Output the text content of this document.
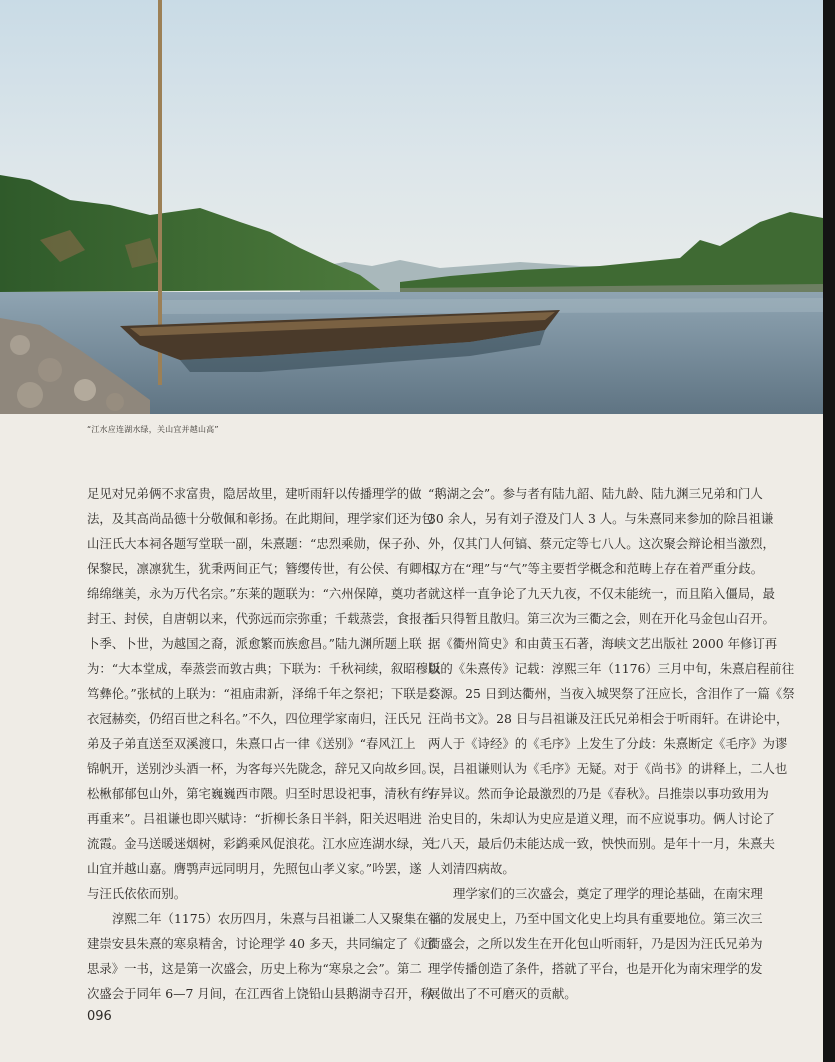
“江水应连湖水绿，关山宜并越山高”
足见对兄弟俩不求富贵，隐居故里，建听雨轩以传播理学的做
法，及其高尚品德十分敬佩和彰扬。在此期间，理学家们还为包
山汪氏大本祠各题写堂联一副，朱熹题：“忠烈乘勋，保子孙、
保黎民，凛凛犹生，犹秉两间正气；簪缨传世，有公侯、有卿相，
绵绵继美，永为万代名宗。”东莱的题联为：“六州保障，奠功者
封王、封侯，自唐朝以来，代弥远而宗弥重；千载蒸尝，食报者
卜季、卜世，为越国之裔，派愈繁而族愈昌。”陆九渊所题上联
为：“大本堂成，奉蒸尝而敦古典；下联为：千秋祠续，叙昭穆以
笃彝伦。”张栻的上联为：“祖庙肃新，泽绵千年之祭祀；下联是：
衣冠赫奕，仍绍百世之科名。”不久，四位理学家南归，汪氏兄
弟及子弟直送至双溪渡口，朱熹口占一律《送别》“春风江上
锦帆开，送别沙头酒一杯，为客每兴先陇念，辞兄又向故乡回。
松楸郁郁包山外，第宅巍巍西市隈。归至时思设祀事，清秋有约
再重来”。吕祖谦也即兴赋诗：“折柳长条日半斜，阳关迟唱进
流霞。金马送暖迷烟树，彩鹢乘风促浪花。江水应连湖水绿，关
山宜并越山嘉。膺鹗声远同明月，先照包山孝义家。”吟罢，遂
与汪氏依依而别。
淳熙二年（1175）农历四月，朱熹与吕祖谦二人又聚集在福
建崇安县朱熹的寒泉精舍，讨论理学 40 多天，共同编定了《近
思录》一书，这是第一次盛会，历史上称为“寒泉之会”。第二
次盛会于同年 6—7 月间，在江西省上饶铅山县鹅湖寺召开，称
“鹅湖之会”。参与者有陆九韶、陆九龄、陆九渊三兄弟和门人
30 余人，另有刘子澄及门人 3 人。与朱熹同来参加的除吕祖谦
外，仅其门人何镐、蔡元定等七八人。这次聚会辩论相当激烈，
双方在“理”与“气”等主要哲学概念和范畴上存在着严重分歧。
就这样一直争论了九天九夜，不仅未能统一，而且陷入僵局，最
后只得暂且散归。第三次为三衢之会，则在开化马金包山召开。
据《衢州简史》和由黄玉石著，海峡文艺出版社 2000 年修订再
版的《朱熹传》记载：淳熙三年（1176）三月中旬，朱熹启程前往
婺源。25 日到达衢州，当夜入城哭祭了汪应长，含泪作了一篇《祭
汪尚书文》。28 日与吕祖谦及汪氏兄弟相会于听雨轩。在讲论中，
两人于《诗经》的《毛序》上发生了分歧：朱熹断定《毛序》为谬
误，吕祖谦则认为《毛序》无疑。对于《尚书》的讲释上，二人也
存异议。然而争论最激烈的乃是《春秋》。吕推崇以事功致用为
治史目的，朱却认为史应是道义理，而不应说事功。俩人讨论了
七八天，最后仍未能达成一致，怏怏而别。是年十一月，朱熹夫
人刘清四病故。
理学家们的三次盛会，奠定了理学的理论基础，在南宋理
学的发展史上，乃至中国文化史上均具有重要地位。第三次三
衢盛会，之所以发生在开化包山听雨轩，乃是因为汪氏兄弟为
理学传播创造了条件，搭就了平台，也是开化为南宋理学的发
展做出了不可磨灭的贡献。
096
